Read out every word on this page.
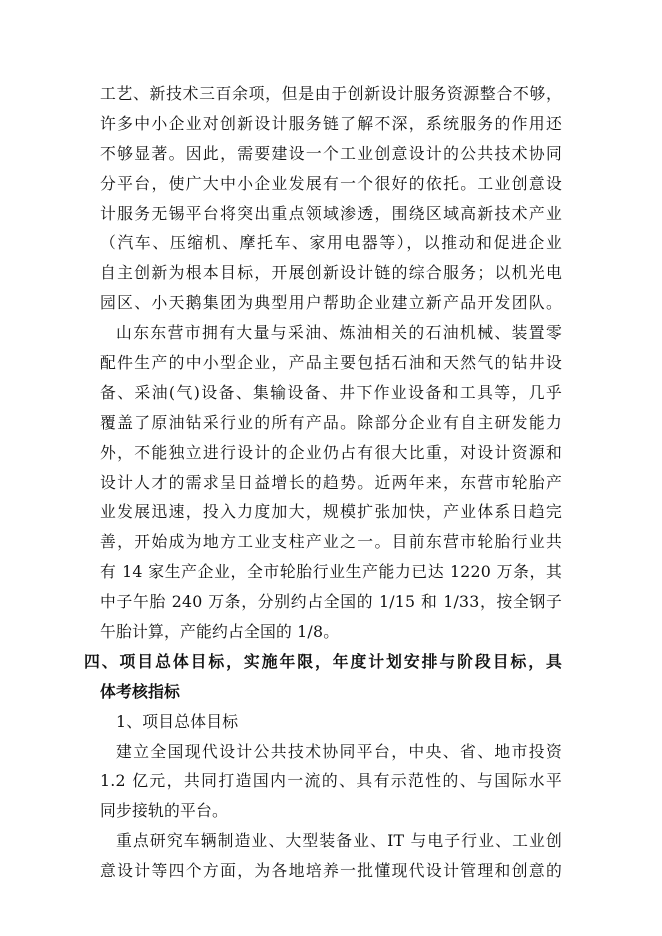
工艺、新技术三百余项，但是由于创新设计服务资源整合不够，
许多中小企业对创新设计服务链了解不深，系统服务的作用还
不够显著。因此，需要建设一个工业创意设计的公共技术协同
分平台，使广大中小企业发展有一个很好的依托。工业创意设
计服务无锡平台将突出重点领域渗透，围绕区域高新技术产业
（汽车、压缩机、摩托车、家用电器等），以推动和促进企业
自主创新为根本目标，开展创新设计链的综合服务；以机光电
园区、小天鹅集团为典型用户帮助企业建立新产品开发团队。
山东东营市拥有大量与采油、炼油相关的石油机械、装置零
配件生产的中小型企业，产品主要包括石油和天然气的钻井设
备、采油(气)设备、集输设备、井下作业设备和工具等，几乎
覆盖了原油钻采行业的所有产品。除部分企业有自主研发能力
外，不能独立进行设计的企业仍占有很大比重，对设计资源和
设计人才的需求呈日益增长的趋势。近两年来，东营市轮胎产
业发展迅速，投入力度加大，规模扩张加快，产业体系日趋完
善，开始成为地方工业支柱产业之一。目前东营市轮胎行业共
有 14 家生产企业，全市轮胎行业生产能力已达 1220 万条，其
中子午胎 240 万条，分别约占全国的 1/15 和 1/33，按全钢子
午胎计算，产能约占全国的 1/8。
四、项目总体目标，实施年限，年度计划安排与阶段目标，具
体考核指标
1、项目总体目标
建立全国现代设计公共技术协同平台，中央、省、地市投资
1.2 亿元，共同打造国内一流的、具有示范性的、与国际水平
同步接轨的平台。
重点研究车辆制造业、大型装备业、IT 与电子行业、工业创
意设计等四个方面，为各地培养一批懂现代设计管理和创意的
